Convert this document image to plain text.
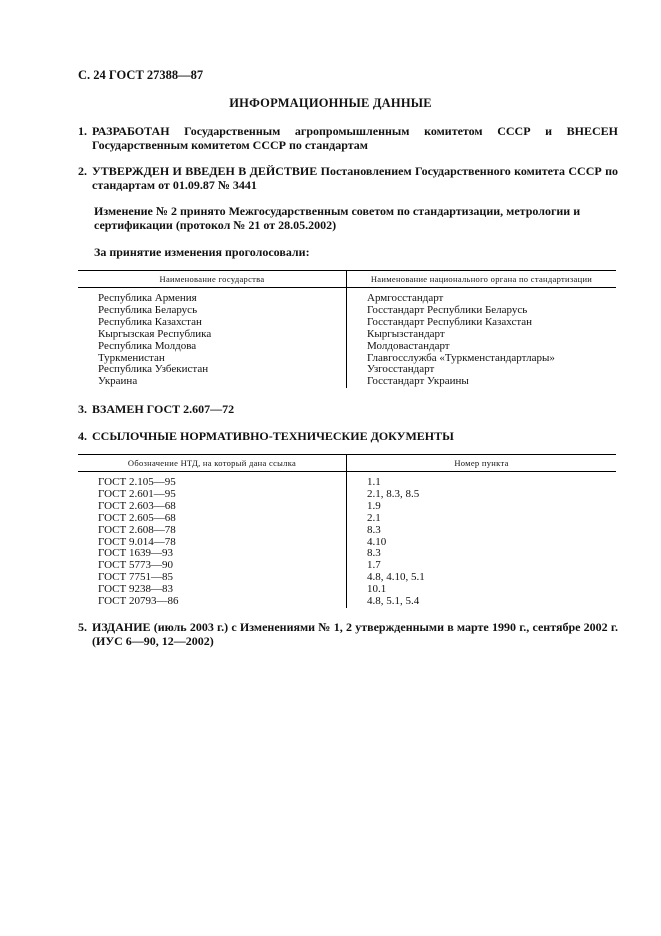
С. 24 ГОСТ 27388—87
ИНФОРМАЦИОННЫЕ ДАННЫЕ
1. РАЗРАБОТАН Государственным агропромышленным комитетом СССР и ВНЕСЕН Государственным комитетом СССР по стандартам
2. УТВЕРЖДЕН И ВВЕДЕН В ДЕЙСТВИЕ Постановлением Государственного комитета СССР по стандартам от 01.09.87 № 3441
Изменение № 2 принято Межгосударственным советом по стандартизации, метрологии и сертификации (протокол № 21 от 28.05.2002)
За принятие изменения проголосовали:
Наименование государства	Наименование национального органа по стандартизации
Республика Армения	Армгосстандарт
Республика Беларусь	Госстандарт Республики Беларусь
Республика Казахстан	Госстандарт Республики Казахстан
Кыргызская Республика	Кыргызстандарт
Республика Молдова	Молдовастандарт
Туркменистан	Главгосслужба «Туркменстандартлары»
Республика Узбекистан	Узгосстандарт
Украина	Госстандарт Украины
3. ВЗАМЕН ГОСТ 2.607—72
4. ССЫЛОЧНЫЕ НОРМАТИВНО-ТЕХНИЧЕСКИЕ ДОКУМЕНТЫ
Обозначение НТД, на который дана ссылка	Номер пункта
ГОСТ 2.105—95	1.1
ГОСТ 2.601—95	2.1, 8.3, 8.5
ГОСТ 2.603—68	1.9
ГОСТ 2.605—68	2.1
ГОСТ 2.608—78	8.3
ГОСТ 9.014—78	4.10
ГОСТ 1639—93	8.3
ГОСТ 5773—90	1.7
ГОСТ 7751—85	4.8, 4.10, 5.1
ГОСТ 9238—83	10.1
ГОСТ 20793—86	4.8, 5.1, 5.4
5. ИЗДАНИЕ (июль 2003 г.) с Изменениями № 1, 2 утвержденными в марте 1990 г., сентябре 2002 г. (ИУС 6—90, 12—2002)
